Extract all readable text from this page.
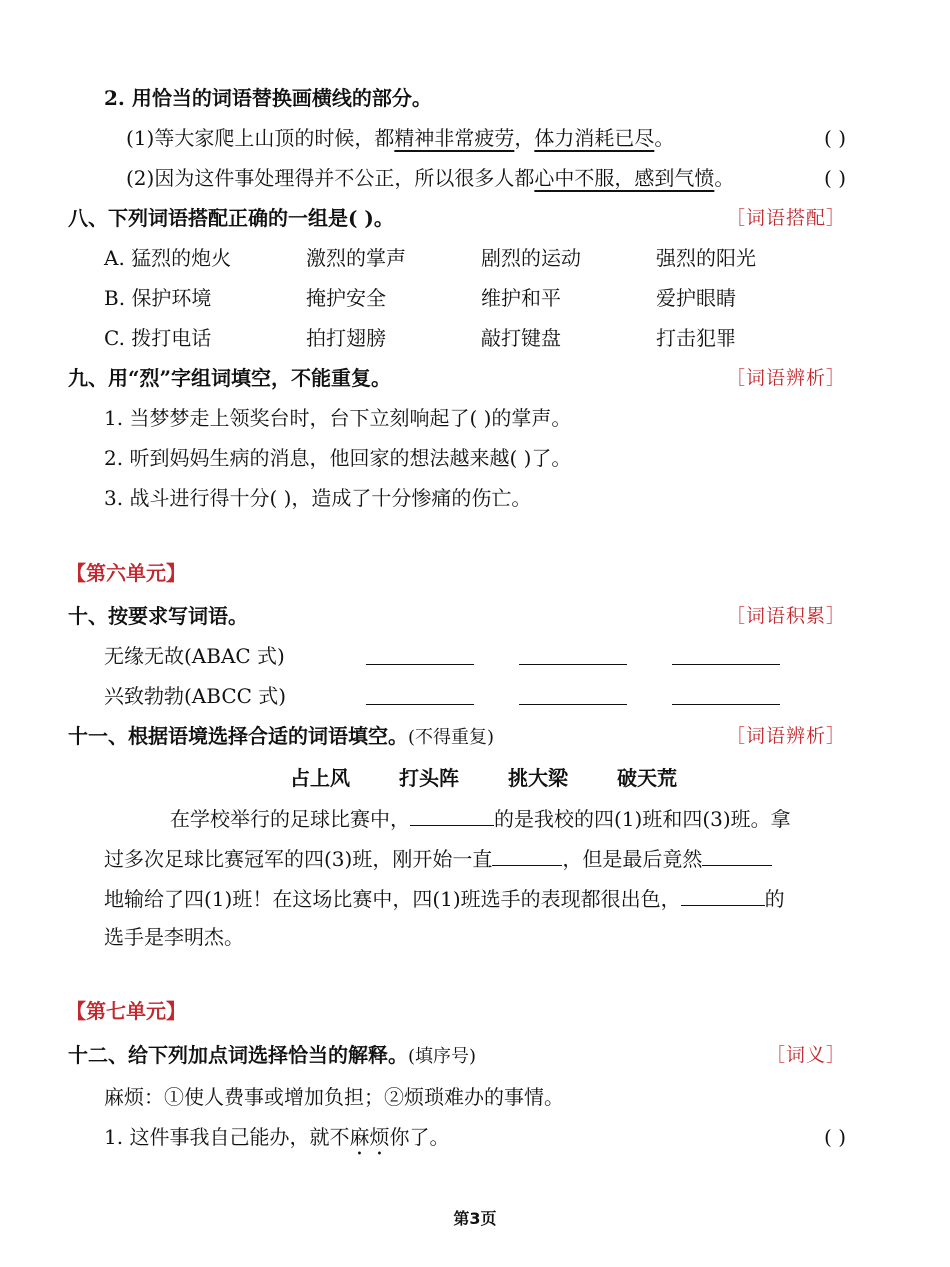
2. 用恰当的词语替换画横线的部分。
(1)等大家爬上山顶的时候，都精神非常疲劳，体力消耗已尽。	( )
(2)因为这件事处理得并不公正，所以很多人都心中不服，感到气愤。	( )
八、下列词语搭配正确的一组是( )。	［词语搭配］
A. 猛烈的炮火	激烈的掌声	剧烈的运动	强烈的阳光
B. 保护环境	掩护安全	维护和平	爱护眼睛
C. 拨打电话	拍打翅膀	敲打键盘	打击犯罪
九、用“烈”字组词填空，不能重复。	［词语辨析］
1. 当梦梦走上领奖台时，台下立刻响起了( )的掌声。
2. 听到妈妈生病的消息，他回家的想法越来越( )了。
3. 战斗进行得十分( )，造成了十分惨痛的伤亡。
【第六单元】
十、按要求写词语。	［词语积累］
无缘无故(ABAC 式)
兴致勃勃(ABCC 式)
十一、根据语境选择合适的词语填空。(不得重复)	［词语辨析］
占上风 打头阵 挑大梁 破天荒
在学校举行的足球比赛中，	的是我校的四(1)班和四(3)班。拿
过多次足球比赛冠军的四(3)班，刚开始一直	，但是最后竟然
地输给了四(1)班！在这场比赛中，四(1)班选手的表现都很出色，	的
选手是李明杰。
【第七单元】
十二、给下列加点词选择恰当的解释。(填序号)	［词义］
麻烦：①使人费事或增加负担；②烦琐难办的事情。
1. 这件事我自己能办，就不麻烦你了。	( )
第3页
